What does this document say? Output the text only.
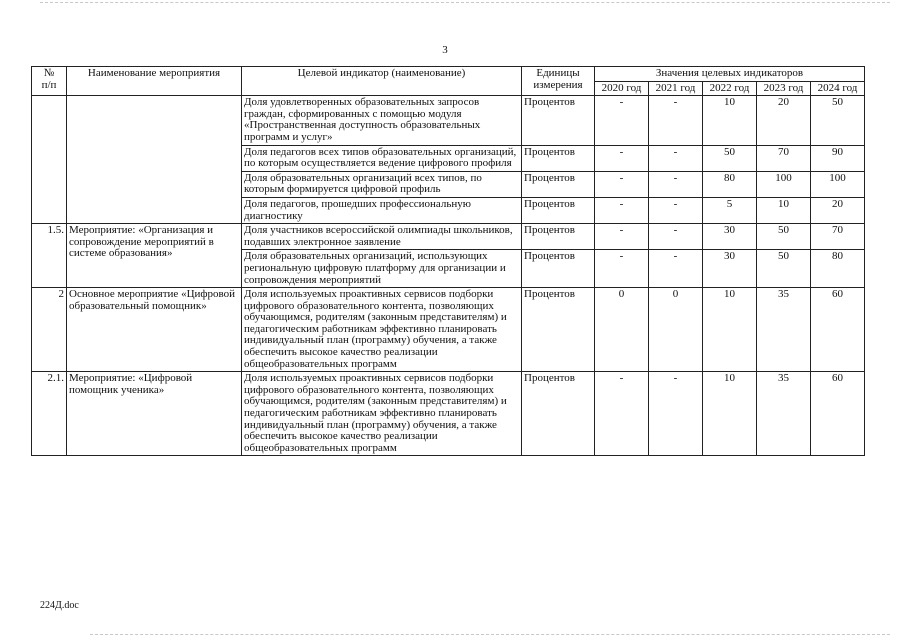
3
№
п/п	Наименование мероприятия	Целевой индикатор (наименование)	Единицы измерения	Значения целевых индикаторов				
				2020 год	2021 год	2022 год	2023 год	2024 год
		Доля удовлетворенных образовательных запросов граждан, сформированных с помощью модуля «Пространственная доступность образовательных программ и услуг»	Процентов	-	-	10	20	50
		Доля педагогов всех типов образовательных организаций, по которым осуществляется ведение цифрового профиля	Процентов	-	-	50	70	90
		Доля образовательных организаций всех типов, по которым формируется цифровой профиль	Процентов	-	-	80	100	100
		Доля педагогов, прошедших профессиональную диагностику	Процентов	-	-	5	10	20
1.5.	Мероприятие: «Организация и сопровождение мероприятий в системе образования»	Доля участников всероссийской олимпиады школьников, подавших электронное заявление	Процентов	-	-	30	50	70
		Доля образовательных организаций, использующих региональную цифровую платформу для организации и сопровождения мероприятий	Процентов	-	-	30	50	80
2	Основное мероприятие «Цифровой образовательный помощник»	Доля используемых проактивных сервисов подборки цифрового образовательного контента, позволяющих обучающимся, родителям (законным представителям) и педагогическим работникам эффективно планировать индивидуальный план (программу) обучения, а также обеспечить высокое качество реализации общеобразовательных программ	Процентов	0	0	10	35	60
2.1.	Мероприятие: «Цифровой помощник ученика»	Доля используемых проактивных сервисов подборки цифрового образовательного контента, позволяющих обучающимся, родителям (законным представителям) и педагогическим работникам эффективно планировать индивидуальный план (программу) обучения, а также обеспечить высокое качество реализации общеобразовательных программ	Процентов	-	-	10	35	60
224Д.doc
